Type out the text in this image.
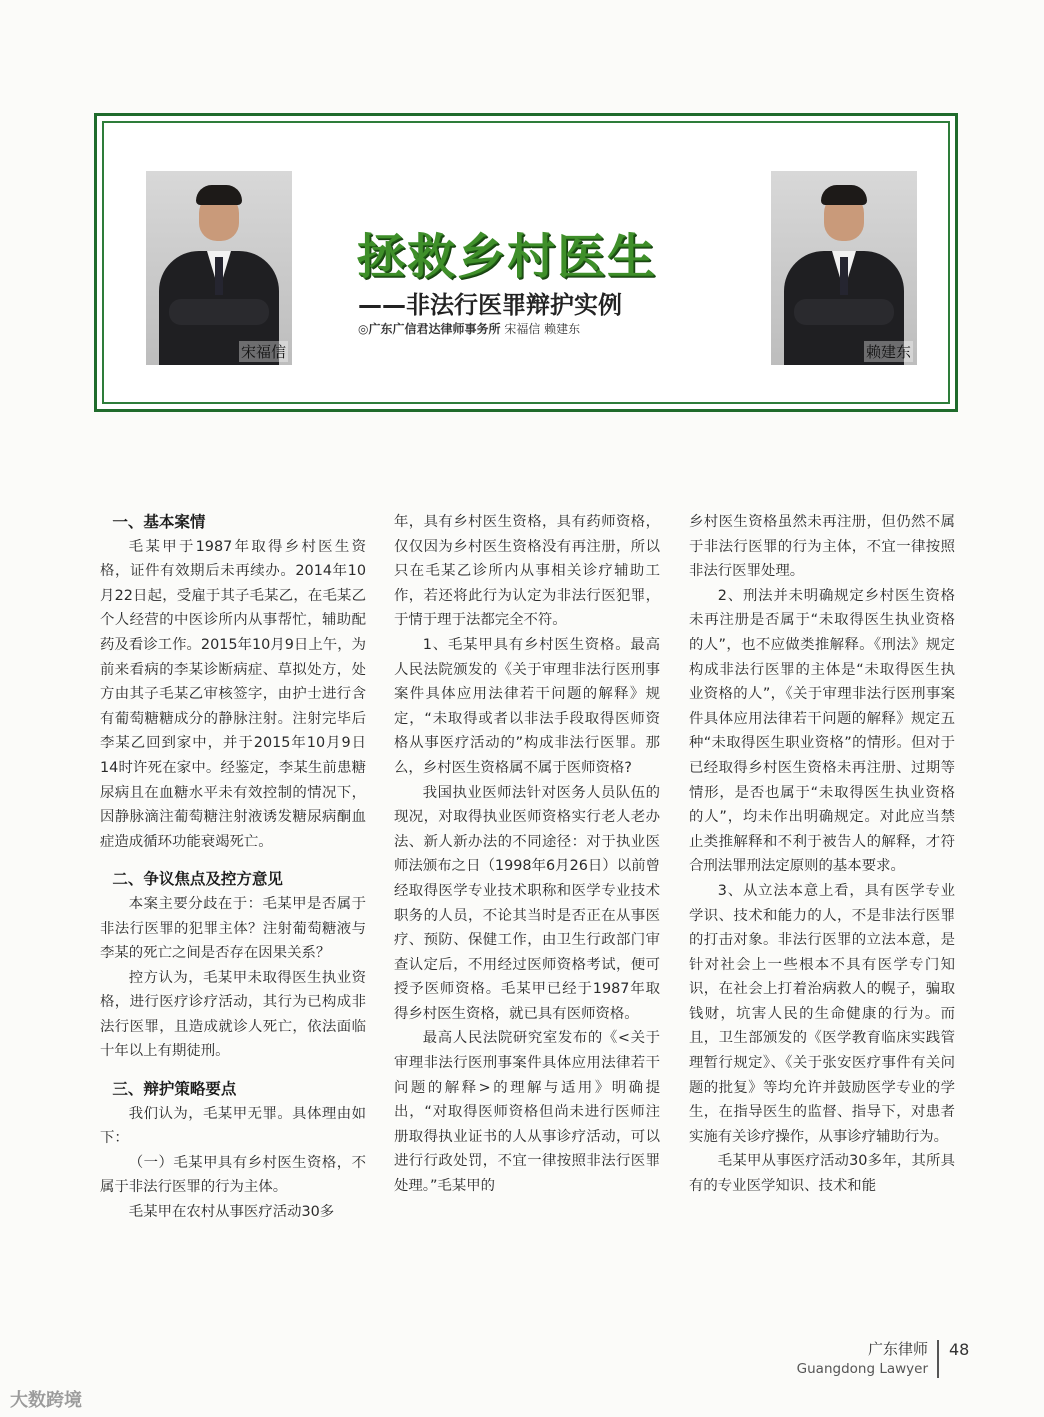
宋福信
拯救乡村医生
——非法行医罪辩护实例
◎广东广信君达律师事务所 宋福信 赖建东
赖建东
一、基本案情

毛某甲于1987年取得乡村医生资格，证件有效期后未再续办。2014年10月22日起，受雇于其子毛某乙，在毛某乙个人经营的中医诊所内从事帮忙，辅助配药及看诊工作。2015年10月9日上午，为前来看病的李某诊断病症、草拟处方，处方由其子毛某乙审核签字，由护士进行含有葡萄糖糖成分的静脉注射。注射完毕后李某乙回到家中，并于2015年10月9日14时许死在家中。经鉴定，李某生前患糖尿病且在血糖水平未有效控制的情况下，因静脉滴注葡萄糖注射液诱发糖尿病酮血症造成循环功能衰竭死亡。

二、争议焦点及控方意见

本案主要分歧在于：毛某甲是否属于非法行医罪的犯罪主体？注射葡萄糖液与李某的死亡之间是否存在因果关系？

控方认为，毛某甲未取得医生执业资格，进行医疗诊疗活动，其行为已构成非法行医罪，且造成就诊人死亡，依法面临十年以上有期徒刑。

三、辩护策略要点

我们认为，毛某甲无罪。具体理由如下：

（一）毛某甲具有乡村医生资格，不属于非法行医罪的行为主体。

毛某甲在农村从事医疗活动30多

年，具有乡村医生资格，具有药师资格，仅仅因为乡村医生资格没有再注册，所以只在毛某乙诊所内从事相关诊疗辅助工作，若还将此行为认定为非法行医犯罪，于情于理于法都完全不符。

1、毛某甲具有乡村医生资格。最高人民法院颁发的《关于审理非法行医刑事案件具体应用法律若干问题的解释》规定，“未取得或者以非法手段取得医师资格从事医疗活动的”构成非法行医罪。那么，乡村医生资格属不属于医师资格?

我国执业医师法针对医务人员队伍的现况，对取得执业医师资格实行老人老办法、新人新办法的不同途径：对于执业医师法颁布之日（1998年6月26日）以前曾经取得医学专业技术职称和医学专业技术职务的人员，不论其当时是否正在从事医疗、预防、保健工作，由卫生行政部门审查认定后，不用经过医师资格考试，便可授予医师资格。毛某甲已经于1987年取得乡村医生资格，就已具有医师资格。

最高人民法院研究室发布的《<关于审理非法行医刑事案件具体应用法律若干问题的解释>的理解与适用》明确提出，“对取得医师资格但尚未进行医师注册取得执业证书的人从事诊疗活动，可以进行行政处罚，不宜一律按照非法行医罪处理。”毛某甲的

乡村医生资格虽然未再注册，但仍然不属于非法行医罪的行为主体，不宜一律按照非法行医罪处理。

2、刑法并未明确规定乡村医生资格未再注册是否属于“未取得医生执业资格的人”，也不应做类推解释。《刑法》规定构成非法行医罪的主体是“未取得医生执业资格的人”，《关于审理非法行医刑事案件具体应用法律若干问题的解释》规定五种“未取得医生职业资格”的情形。但对于已经取得乡村医生资格未再注册、过期等情形，是否也属于“未取得医生执业资格的人”，均未作出明确规定。对此应当禁止类推解释和不利于被告人的解释，才符合刑法罪刑法定原则的基本要求。

3、从立法本意上看，具有医学专业学识、技术和能力的人，不是非法行医罪的打击对象。非法行医罪的立法本意，是针对社会上一些根本不具有医学专门知识，在社会上打着治病救人的幌子，骗取钱财，坑害人民的生命健康的行为。而且，卫生部颁发的《医学教育临床实践管理暂行规定》、《关于张安医疗事件有关问题的批复》等均允许并鼓励医学专业的学生，在指导医生的监督、指导下，对患者实施有关诊疗操作，从事诊疗辅助行为。

毛某甲从事医疗活动30多年，其所具有的专业医学知识、技术和能

广东律师
Guangdong Lawyer
48
大数跨境
